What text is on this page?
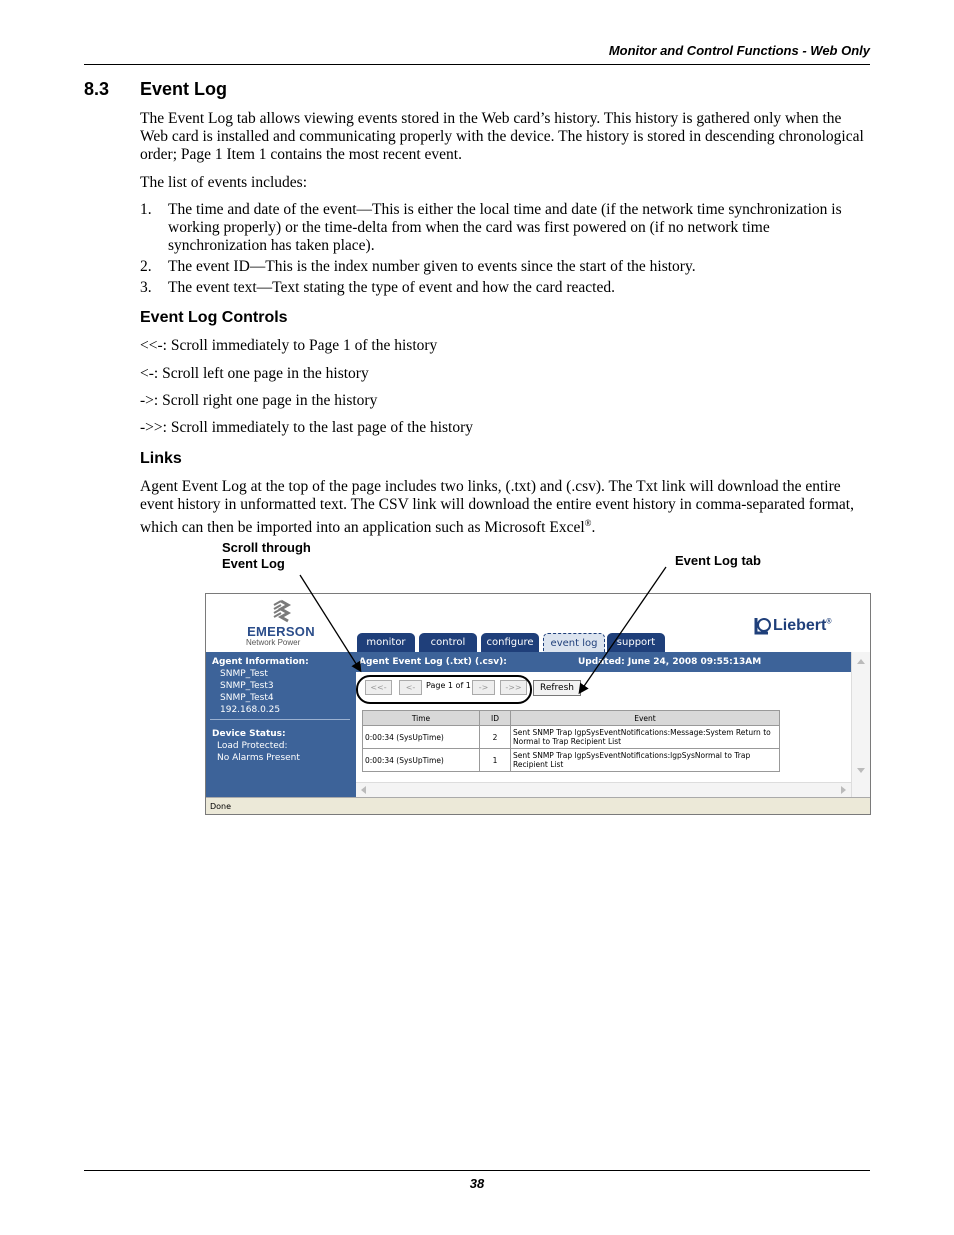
Monitor and Control Functions - Web Only
8.3 Event Log
The Event Log tab allows viewing events stored in the Web card’s history. This history is gathered only when the Web card is installed and communicating properly with the device. The history is stored in descending chronological order; Page 1 Item 1 contains the most recent event.
The list of events includes:
1. The time and date of the event—This is either the local time and date (if the network time synchronization is working properly) or the time-delta from when the card was first powered on (if no network time synchronization has taken place).
2. The event ID—This is the index number given to events since the start of the history.
3. The event text—Text stating the type of event and how the card reacted.
Event Log Controls
<<-: Scroll immediately to Page 1 of the history
<-: Scroll left one page in the history
->: Scroll right one page in the history
->>: Scroll immediately to the last page of the history
Links
Agent Event Log at the top of the page includes two links, (.txt) and (.csv). The Txt link will download the entire event history in unformatted text. The CSV link will download the entire event history in comma-separated format, which can then be imported into an application such as Microsoft Excel®.
Scroll through
Event Log	Event Log tab
EMERSON
Network Power
Liebert®
monitor	control	configure	event log	support
Agent Information:
SNMP_Test
SNMP_Test3
SNMP_Test4
192.168.0.25
Device Status:
Load Protected:
No Alarms Present
Agent Event Log (.txt) (.csv):	Updated: June 24, 2008 09:55:13AM
<<-	<-	Page 1 of 1 ->	->>	Refresh
Time	ID	Event
0:00:34 (SysUpTime)	2	Sent SNMP Trap lgpSysEventNotifications:Message:System Return to Normal to Trap Recipient List
0:00:34 (SysUpTime)	1	Sent SNMP Trap lgpSysEventNotifications:lgpSysNormal to Trap Recipient List
Done
38
